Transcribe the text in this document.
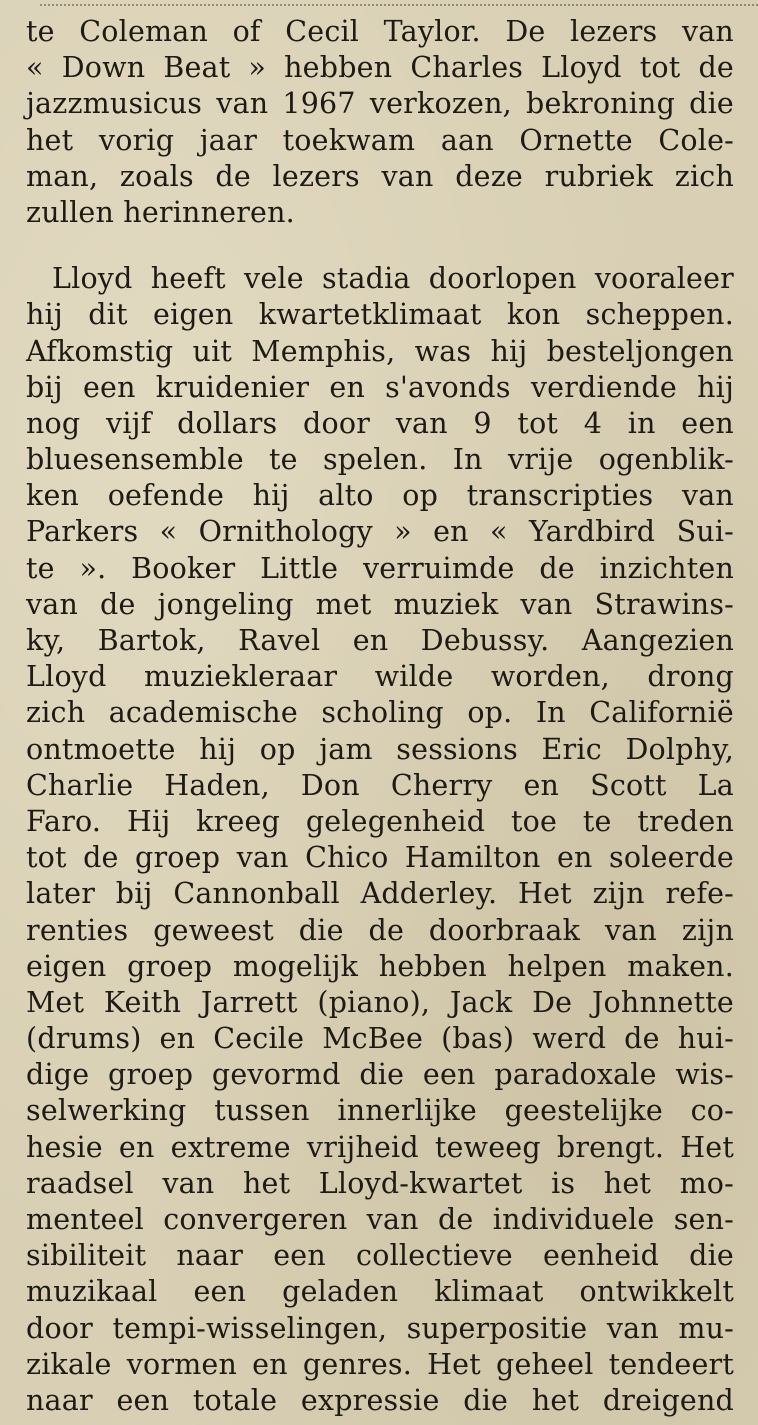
te Coleman of Cecil Taylor. De lezers van
« Down Beat » hebben Charles Lloyd tot de
jazzmusicus van 1967 verkozen, bekroning die
het vorig jaar toekwam aan Ornette Cole-
man, zoals de lezers van deze rubriek zich
zullen herinneren.
Lloyd heeft vele stadia doorlopen vooraleer
hij dit eigen kwartetklimaat kon scheppen.
Afkomstig uit Memphis, was hij besteljongen
bij een kruidenier en s'avonds verdiende hij
nog vijf dollars door van 9 tot 4 in een
bluesensemble te spelen. In vrije ogenblik-
ken oefende hij alto op transcripties van
Parkers « Ornithology » en « Yardbird Sui-
te ». Booker Little verruimde de inzichten
van de jongeling met muziek van Strawins-
ky, Bartok, Ravel en Debussy. Aangezien
Lloyd muziekleraar wilde worden, drong
zich academische scholing op. In Californië
ontmoette hij op jam sessions Eric Dolphy,
Charlie Haden, Don Cherry en Scott La
Faro. Hij kreeg gelegenheid toe te treden
tot de groep van Chico Hamilton en soleerde
later bij Cannonball Adderley. Het zijn refe-
renties geweest die de doorbraak van zijn
eigen groep mogelijk hebben helpen maken.
Met Keith Jarrett (piano), Jack De Johnnette
(drums) en Cecile McBee (bas) werd de hui-
dige groep gevormd die een paradoxale wis-
selwerking tussen innerlijke geestelijke co-
hesie en extreme vrijheid teweeg brengt. Het
raadsel van het Lloyd-kwartet is het mo-
menteel convergeren van de individuele sen-
sibiliteit naar een collectieve eenheid die
muzikaal een geladen klimaat ontwikkelt
door tempi-wisselingen, superpositie van mu-
zikale vormen en genres. Het geheel tendeert
naar een totale expressie die het dreigend
